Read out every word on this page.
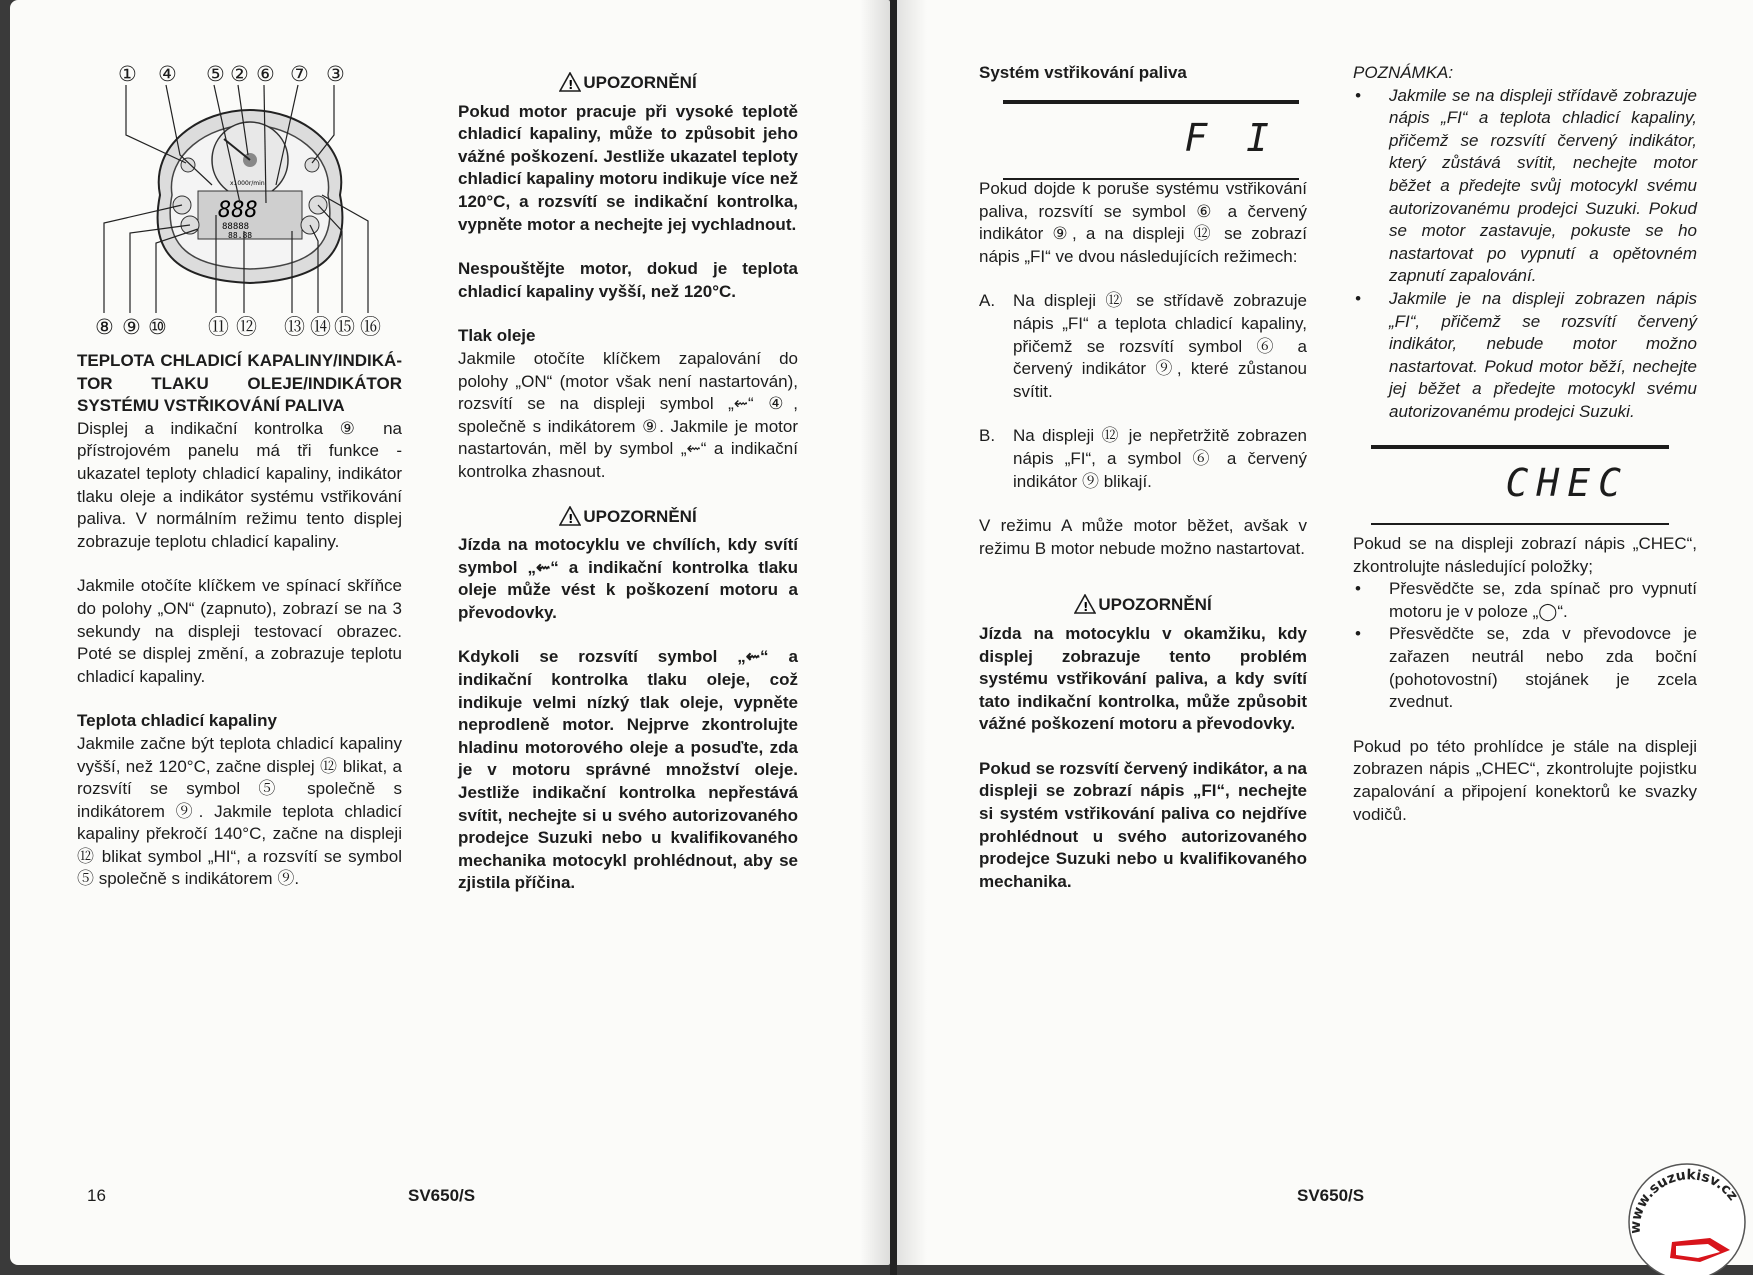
① ④ ⑤ ② ⑥ ⑦ ③
⑧ ⑨ ⑩ ⑪ ⑫ ⑬ ⑭ ⑮ ⑯
x1000r/min
888
88888
88.88

TEPLOTA CHLADICÍ KAPALINY/INDIKÁ-TOR TLAKU OLEJE/INDIKÁTOR SYSTÉMU VSTŘIKOVÁNÍ PALIVA

Displej a indikační kontrolka ⑨ na přístrojovém panelu má tři funkce - ukazatel teploty chladicí kapaliny, indikátor tlaku oleje a indikátor systému vstřikování paliva. V normálním režimu tento displej zobrazuje teplotu chladicí kapaliny.

Jakmile otočíte klíčkem ve spínací skříňce do polohy „ON“ (zapnuto), zobrazí se na 3 sekundy na displeji testovací obrazec. Poté se displej změní, a zobrazuje teplotu chladicí kapaliny.

Teplota chladicí kapaliny

Jakmile začne být teplota chladicí kapaliny vyšší, než 120°C, začne displej ⑫ blikat, a rozsvítí se symbol ⑤ společně s indikátorem ⑨. Jakmile teplota chladicí kapaliny překročí 140°C, začne na displeji ⑫ blikat symbol „HI“, a rozsvítí se symbol ⑤ společně s indikátorem ⑨.

! UPOZORNĚNÍ

Pokud motor pracuje při vysoké teplotě chladicí kapaliny, může to způsobit jeho vážné poškození. Jestliže ukazatel teploty chladicí kapaliny motoru indikuje více než 120°C, a rozsvítí se indikační kontrolka, vypněte motor a nechejte jej vychladnout.

Nespouštějte motor, dokud je teplota chladicí kapaliny vyšší, než 120°C.

Tlak oleje

Jakmile otočíte klíčkem zapalování do polohy „ON“ (motor však není nastartován), rozsvítí se na displeji symbol „⇜“ ④, společně s indikátorem ⑨. Jakmile je motor nastartován, měl by symbol „⇜“ a indikační kontrolka zhasnout.

! UPOZORNĚNÍ

Jízda na motocyklu ve chvílích, kdy svítí symbol „⇜“ a indikační kontrolka tlaku oleje může vést k poškození motoru a převodovky.

Kdykoli se rozsvítí symbol „⇜“ a indikační kontrolka tlaku oleje, což indikuje velmi nízký tlak oleje, vypněte neprodleně motor. Nejprve zkontrolujte hladinu motorového oleje a posuďte, zda je v motoru správné množství oleje. Jestliže indikační kontrolka nepřestává svítit, nechejte si u svého autorizovaného prodejce Suzuki nebo u kvalifikovaného mechanika motocykl prohlédnout, aby se zjistila příčina.

16	SV650/S

Systém vstřikování paliva

F I

Pokud dojde k poruše systému vstřikování paliva, rozsvítí se symbol ⑥ a červený indikátor ⑨, a na displeji ⑫ se zobrazí nápis „FI“ ve dvou následujících režimech:

A.	Na displeji ⑫ se střídavě zobrazuje nápis „FI“ a teplota chladicí kapaliny, přičemž se rozsvítí symbol ⑥ a červený indikátor ⑨, které zůstanou svítit.
B.	Na displeji ⑫ je nepřetržitě zobrazen nápis „FI“, a symbol ⑥ a červený indikátor ⑨ blikají.

V režimu A může motor běžet, avšak v režimu B motor nebude možno nastartovat.

! UPOZORNĚNÍ

Jízda na motocyklu v okamžiku, kdy displej zobrazuje tento problém systému vstřikování paliva, a kdy svítí tato indikační kontrolka, může způsobit vážné poškození motoru a převodovky.

Pokud se rozsvítí červený indikátor, a na displeji se zobrazí nápis „FI“, nechejte si systém vstřikování paliva co nejdříve prohlédnout u svého autorizovaného prodejce Suzuki nebo u kvalifikovaného mechanika.

POZNÁMKA:

• Jakmile se na displeji střídavě zobrazuje nápis „FI“ a teplota chladicí kapaliny, přičemž se rozsvítí červený indikátor, který zůstává svítit, nechejte motor běžet a předejte svůj motocykl svému autorizovanému prodejci Suzuki. Pokud se motor zastavuje, pokuste se ho nastartovat po vypnutí a opětovném zapnutí zapalování.
• Jakmile je na displeji zobrazen nápis „FI“, přičemž se rozsvítí červený indikátor, nebude motor možno nastartovat. Pokud motor běží, nechejte jej běžet a předejte motocykl svému autorizovanému prodejci Suzuki.
CHEC

Pokud se na displeji zobrazí nápis „CHEC“, zkontrolujte následující položky;

• Přesvědčte se, zda spínač pro vypnutí motoru je v poloze „◯“.
• Přesvědčte se, zda v převodovce je zařazen neutrál nebo zda boční (pohotovostní) stojánek je zcela zvednut.

Pokud po této prohlídce je stále na displeji zobrazen nápis „CHEC“, zkontrolujte pojistku zapalování a připojení konektorů ke svazky vodičů.

SV650/S
www.suzukisv.cz
